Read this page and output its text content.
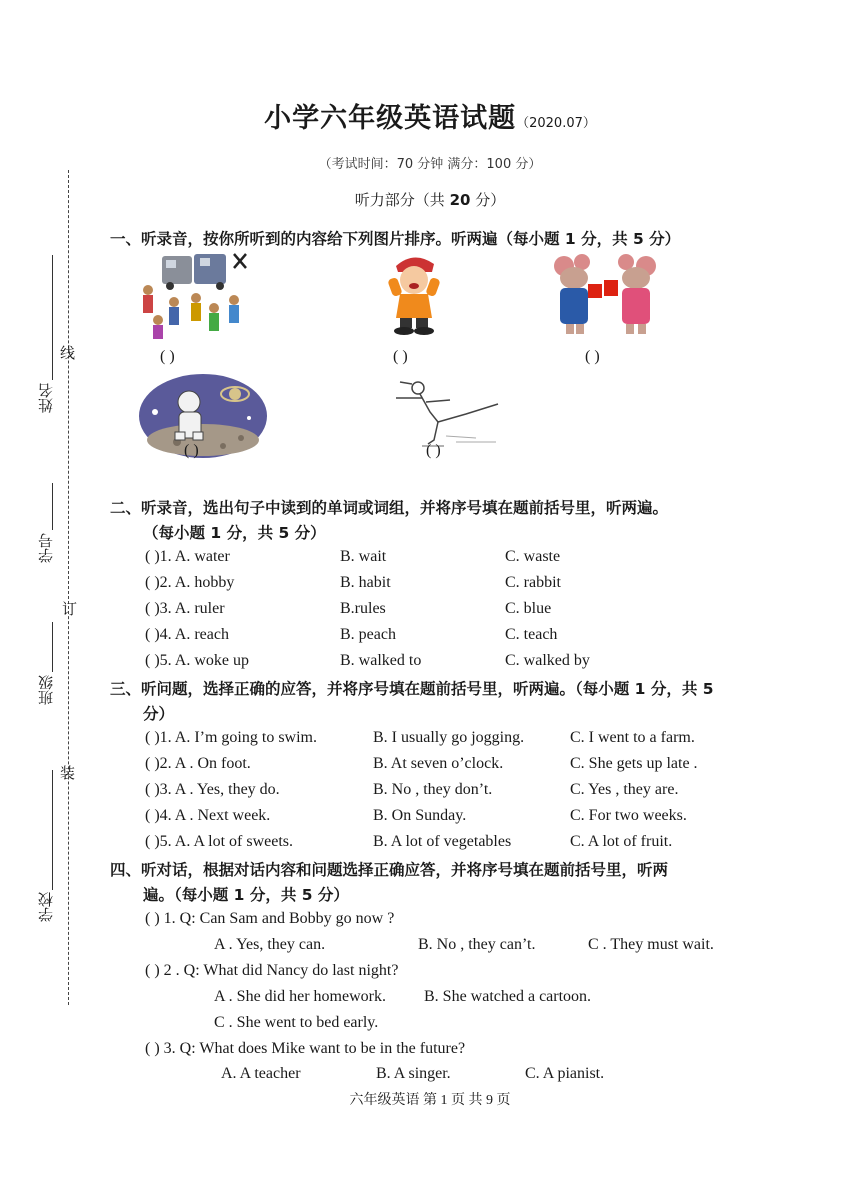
姓名
线
学号
订
班级
装
学校
小学六年级英语试题（2020.07）
（考试时间：70 分钟 满分：100 分）
听力部分（共 20 分）
一、听录音，按你所听到的内容给下列图片排序。听两遍（每小题 1 分，共 5 分）
( )	( )	( )
( )	( )
二、听录音，选出句子中读到的单词或词组，并将序号填在题前括号里，听两遍。
（每小题 1 分，共 5 分）
( )1. A. water	B. wait	C. waste
( )2. A. hobby	B. habit	C. rabbit
( )3. A. ruler	B.rules	C. blue
( )4. A. reach	B. peach	C. teach
( )5. A. woke up	B. walked to	C. walked by
三、听问题，选择正确的应答，并将序号填在题前括号里，听两遍。（每小题 1 分，共 5
分）
( )1. A. I’m going to swim.	B. I usually go jogging.	C. I went to a farm.
( )2. A . On foot.	B. At seven o’clock.	C. She gets up late .
( )3. A . Yes, they do.	B. No , they don’t.	C. Yes , they are.
( )4. A . Next week.	B. On Sunday.	C. For two weeks.
( )5. A. A lot of sweets.	B. A lot of vegetables	C. A lot of fruit.
四、听对话，根据对话内容和问题选择正确应答，并将序号填在题前括号里，听两
遍。（每小题 1 分，共 5 分）
( ) 1. Q: Can Sam and Bobby go now ?
A . Yes, they can.	B. No , they can’t.	C . They must wait.
( ) 2 . Q: What did Nancy do last night?
A . She did her homework. B. She watched a cartoon.
C . She went to bed early.
( ) 3. Q: What does Mike want to be in the future?
A. A teacher	B. A singer.	C. A pianist.
六年级英语 第 1 页 共 9 页
